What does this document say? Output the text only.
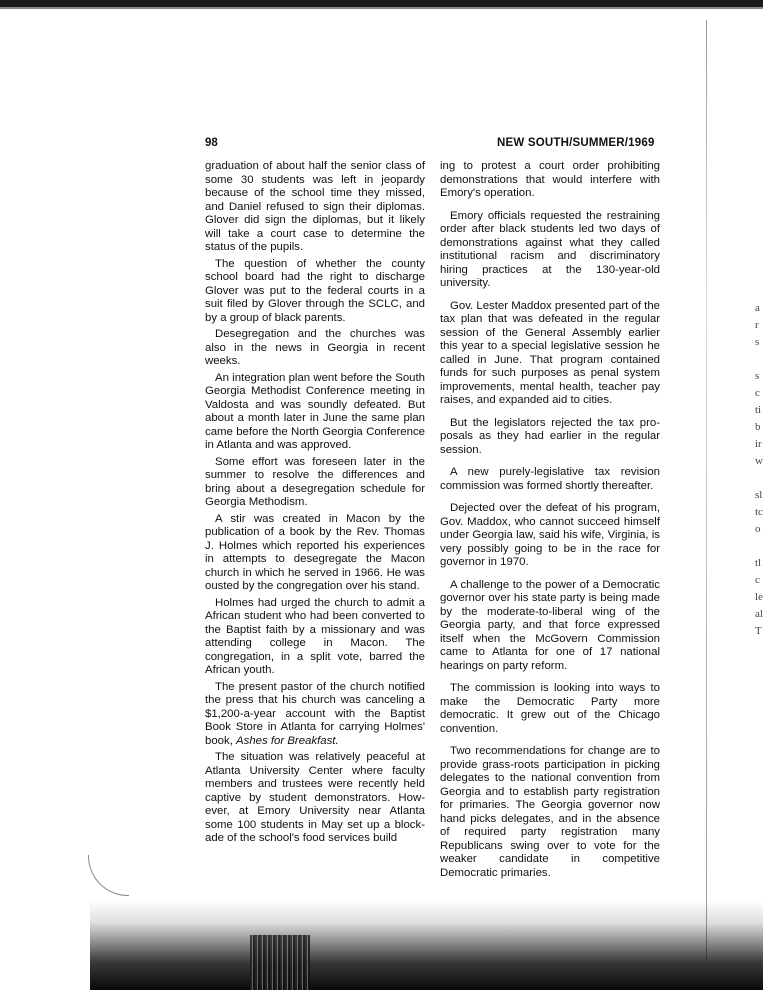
98	NEW SOUTH/SUMMER/1969

graduation of about half the senior class of some 30 students was left in jeopardy because of the school time they missed, and Daniel refused to sign their diplomas. Glover did sign the diplomas, but it likely will take a court case to determine the status of the pupils.

The question of whether the county school board had the right to discharge Glover was put to the federal courts in a suit filed by Glover through the SCLC, and by a group of black parents.

Desegregation and the churches was also in the news in Georgia in recent weeks.

An integration plan went before the South Georgia Methodist Conference meeting in Valdosta and was soundly defeated. But about a month later in June the same plan came before the North Georgia Conference in Atlanta and was approved.

Some effort was foreseen later in the summer to resolve the differences and bring about a desegregation schedule for Georgia Methodism.

A stir was created in Macon by the publication of a book by the Rev. Thomas J. Holmes which reported his experiences in attempts to desegregate the Macon church in which he served in 1966. He was ousted by the congregation over his stand.

Holmes had urged the church to admit a African student who had been converted to the Baptist faith by a missionary and was attending college in Macon. The congregation, in a split vote, barred the African youth.

The present pastor of the church notified the press that his church was canceling a $1,200-a-year account with the Baptist Book Store in Atlanta for carrying Holmes' book, Ashes for Breakfast.

The situation was relatively peaceful at Atlanta University Center where faculty members and trustees were recently held captive by student demonstrators. However, at Emory University near Atlanta some 100 students in May set up a blockade of the school's food services build

ing to protest a court order prohibiting demonstrations that would interfere with Emory's operation.

Emory officials requested the restraining order after black students led two days of demonstrations against what they called institutional racism and discriminatory hiring practices at the 130-year-old university.

Gov. Lester Maddox presented part of the tax plan that was defeated in the regular session of the General Assembly earlier this year to a special legislative session he called in June. That program contained funds for such purposes as penal system improvements, mental health, teacher pay raises, and expanded aid to cities.

But the legislators rejected the tax proposals as they had earlier in the regular session.

A new purely-legislative tax revision commission was formed shortly thereafter.

Dejected over the defeat of his program, Gov. Maddox, who cannot succeed himself under Georgia law, said his wife, Virginia, is very possibly going to be in the race for governor in 1970.

A challenge to the power of a Democratic governor over his state party is being made by the moderate-to-liberal wing of the Georgia party, and that force expressed itself when the McGovern Commission came to Atlanta for one of 17 national hearings on party reform.

The commission is looking into ways to make the Democratic Party more democratic. It grew out of the Chicago convention.

Two recommendations for change are to provide grass-roots participation in picking delegates to the national convention from Georgia and to establish party registration for primaries. The Georgia governor now hand picks delegates, and in the absence of required party registration many Republicans swing over to vote for the weaker candidate in competitive Democratic primaries.

a
r
s
s
c
ti
b
ir
w
sl
tc
o
tl
c
le
al
T
